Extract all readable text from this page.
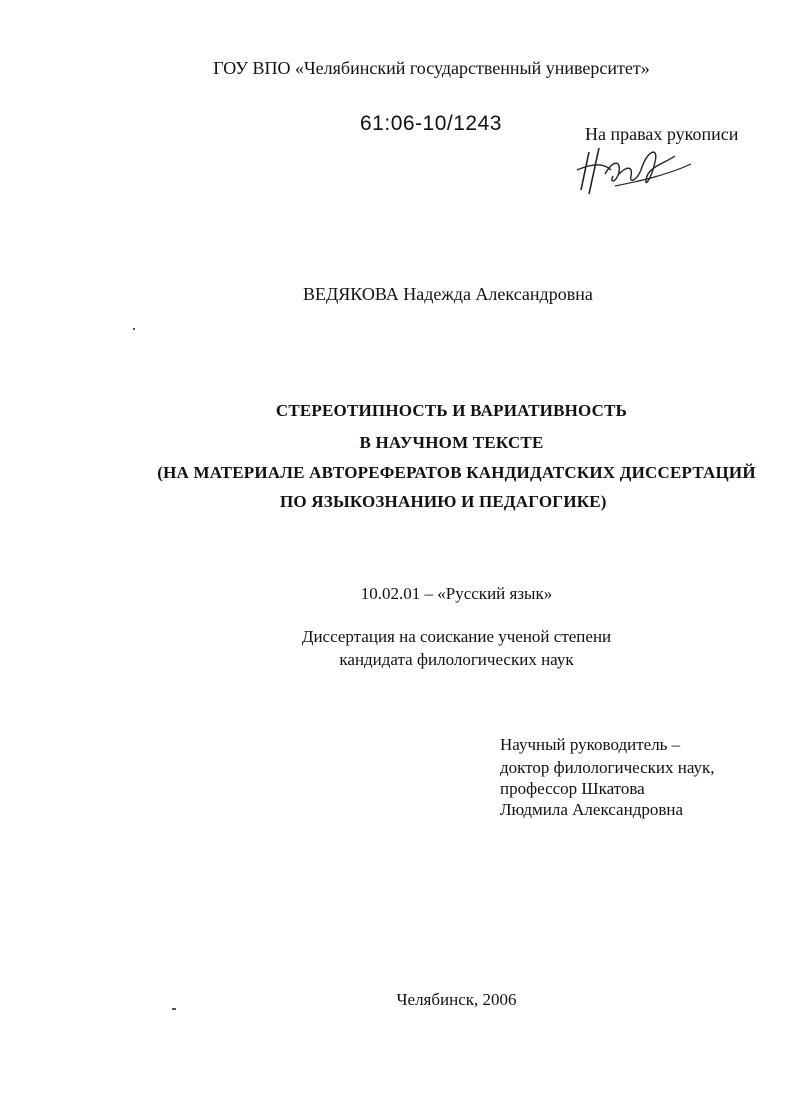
ГОУ ВПО «Челябинский государственный университет»
61:06-10/1243	На правах рукописи
ВЕДЯКОВА Надежда Александровна
СТЕРЕОТИПНОСТЬ И ВАРИАТИВНОСТЬ
В НАУЧНОМ ТЕКСТЕ
(НА МАТЕРИАЛЕ АВТОРЕФЕРАТОВ КАНДИДАТСКИХ ДИССЕРТАЦИЙ
ПО ЯЗЫКОЗНАНИЮ И ПЕДАГОГИКЕ)
10.02.01 – «Русский язык»
Диссертация на соискание ученой степени
кандидата филологических наук
Научный руководитель –
доктор филологических наук,
профессор Шкатова
Людмила Александровна
Челябинск, 2006
